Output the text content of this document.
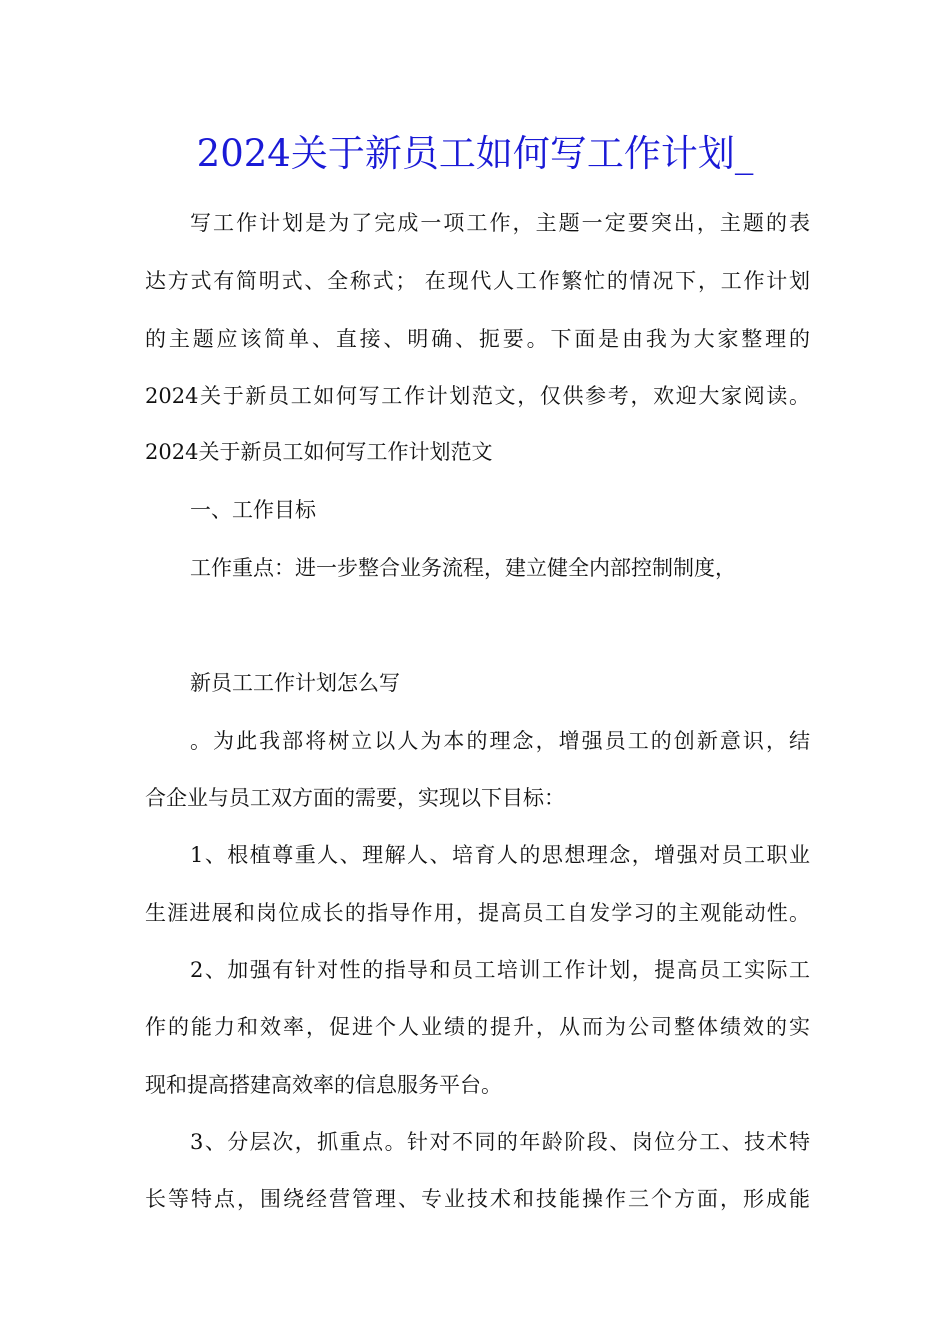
2024关于新员工如何写工作计划_

写工作计划是为了完成一项工作，主题一定要突出，主题的表

达方式有简明式、全称式； 在现代人工作繁忙的情况下，工作计划

的主题应该简单、直接、明确、扼要。下面是由我为大家整理的

2024关于新员工如何写工作计划范文，仅供参考，欢迎大家阅读。

2024关于新员工如何写工作计划范文

一、工作目标

工作重点：进一步整合业务流程，建立健全内部控制制度，

新员工工作计划怎么写

。为此我部将树立以人为本的理念，增强员工的创新意识，结

合企业与员工双方面的需要，实现以下目标：

1、根植尊重人、理解人、培育人的思想理念，增强对员工职业

生涯进展和岗位成长的指导作用，提高员工自发学习的主观能动性。

2、加强有针对性的指导和员工培训工作计划，提高员工实际工

作的能力和效率，促进个人业绩的提升，从而为公司整体绩效的实

现和提高搭建高效率的信息服务平台。

3、分层次，抓重点。针对不同的年龄阶段、岗位分工、技术特

长等特点，围绕经营管理、专业技术和技能操作三个方面，形成能
